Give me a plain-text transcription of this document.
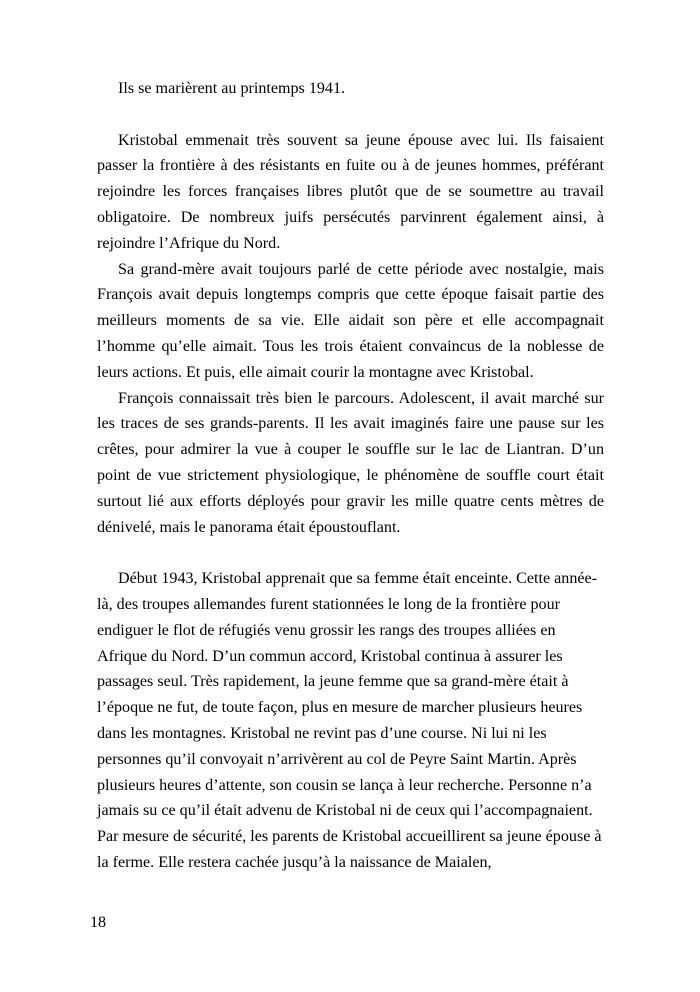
Ils se marièrent au printemps 1941.

Kristobal emmenait très souvent sa jeune épouse avec lui. Ils faisaient passer la frontière à des résistants en fuite ou à de jeunes hommes, préférant rejoindre les forces françaises libres plutôt que de se soumettre au travail obligatoire. De nombreux juifs persécutés parvinrent également ainsi, à rejoindre l’Afrique du Nord.

Sa grand-mère avait toujours parlé de cette période avec nostalgie, mais François avait depuis longtemps compris que cette époque faisait partie des meilleurs moments de sa vie. Elle aidait son père et elle accompagnait l’homme qu’elle aimait. Tous les trois étaient convaincus de la noblesse de leurs actions. Et puis, elle aimait courir la montagne avec Kristobal.

François connaissait très bien le parcours. Adolescent, il avait marché sur les traces de ses grands-parents. Il les avait imaginés faire une pause sur les crêtes, pour admirer la vue à couper le souffle sur le lac de Liantran. D’un point de vue strictement physiologique, le phénomène de souffle court était surtout lié aux efforts déployés pour gravir les mille quatre cents mètres de dénivelé, mais le panorama était époustouflant.

Début 1943, Kristobal apprenait que sa femme était enceinte. Cette année-là, des troupes allemandes furent stationnées le long de la frontière pour endiguer le flot de réfugiés venu grossir les rangs des troupes alliées en Afrique du Nord. D’un commun accord, Kristobal continua à assurer les passages seul. Très rapidement, la jeune femme que sa grand-mère était à l’époque ne fut, de toute façon, plus en mesure de marcher plusieurs heures dans les montagnes. Kristobal ne revint pas d’une course. Ni lui ni les personnes qu’il convoyait n’arrivèrent au col de Peyre Saint Martin. Après plusieurs heures d’attente, son cousin se lança à leur recherche. Personne n’a jamais su ce qu’il était advenu de Kristobal ni de ceux qui l’accompagnaient. Par mesure de sécurité, les parents de Kristobal accueillirent sa jeune épouse à la ferme. Elle restera cachée jusqu’à la naissance de Maialen,

18
